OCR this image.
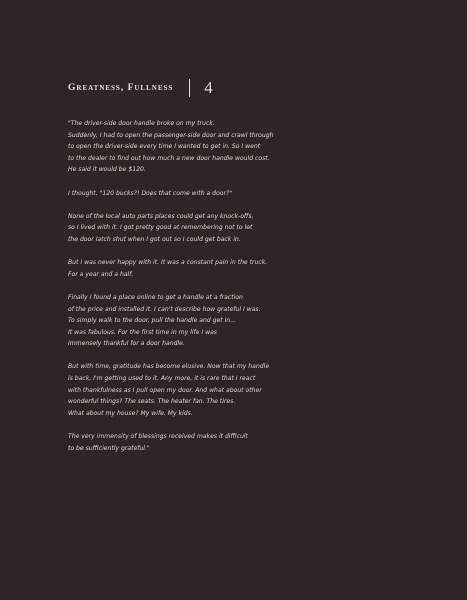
Greatness, Fullness 4

"The driver-side door handle broke on my truck.
Suddenly, I had to open the passenger-side door and crawl through
to open the driver-side every time I wanted to get in. So I went
to the dealer to find out how much a new door handle would cost.
He said it would be $120.

I thought, "120 bucks?! Does that come with a door?"

None of the local auto parts places could get any knock-offs,
so I lived with it. I got pretty good at remembering not to let
the door latch shut when I got out so I could get back in.

But I was never happy with it. It was a constant pain in the truck.
For a year and a half.

Finally I found a place online to get a handle at a fraction
of the price and installed it. I can't describe how grateful I was.
To simply walk to the door, pull the handle and get in...
It was fabulous. For the first time in my life I was
immensely thankful for a door handle.

But with time, gratitude has become elusive. Now that my handle
is back, I'm getting used to it. Any more, it is rare that I react
with thankfulness as I pull open my door. And what about other
wonderful things? The seats. The heater fan. The tires.
What about my house? My wife. My kids.

The very immensity of blessings received makes it difficult
to be sufficiently grateful."
